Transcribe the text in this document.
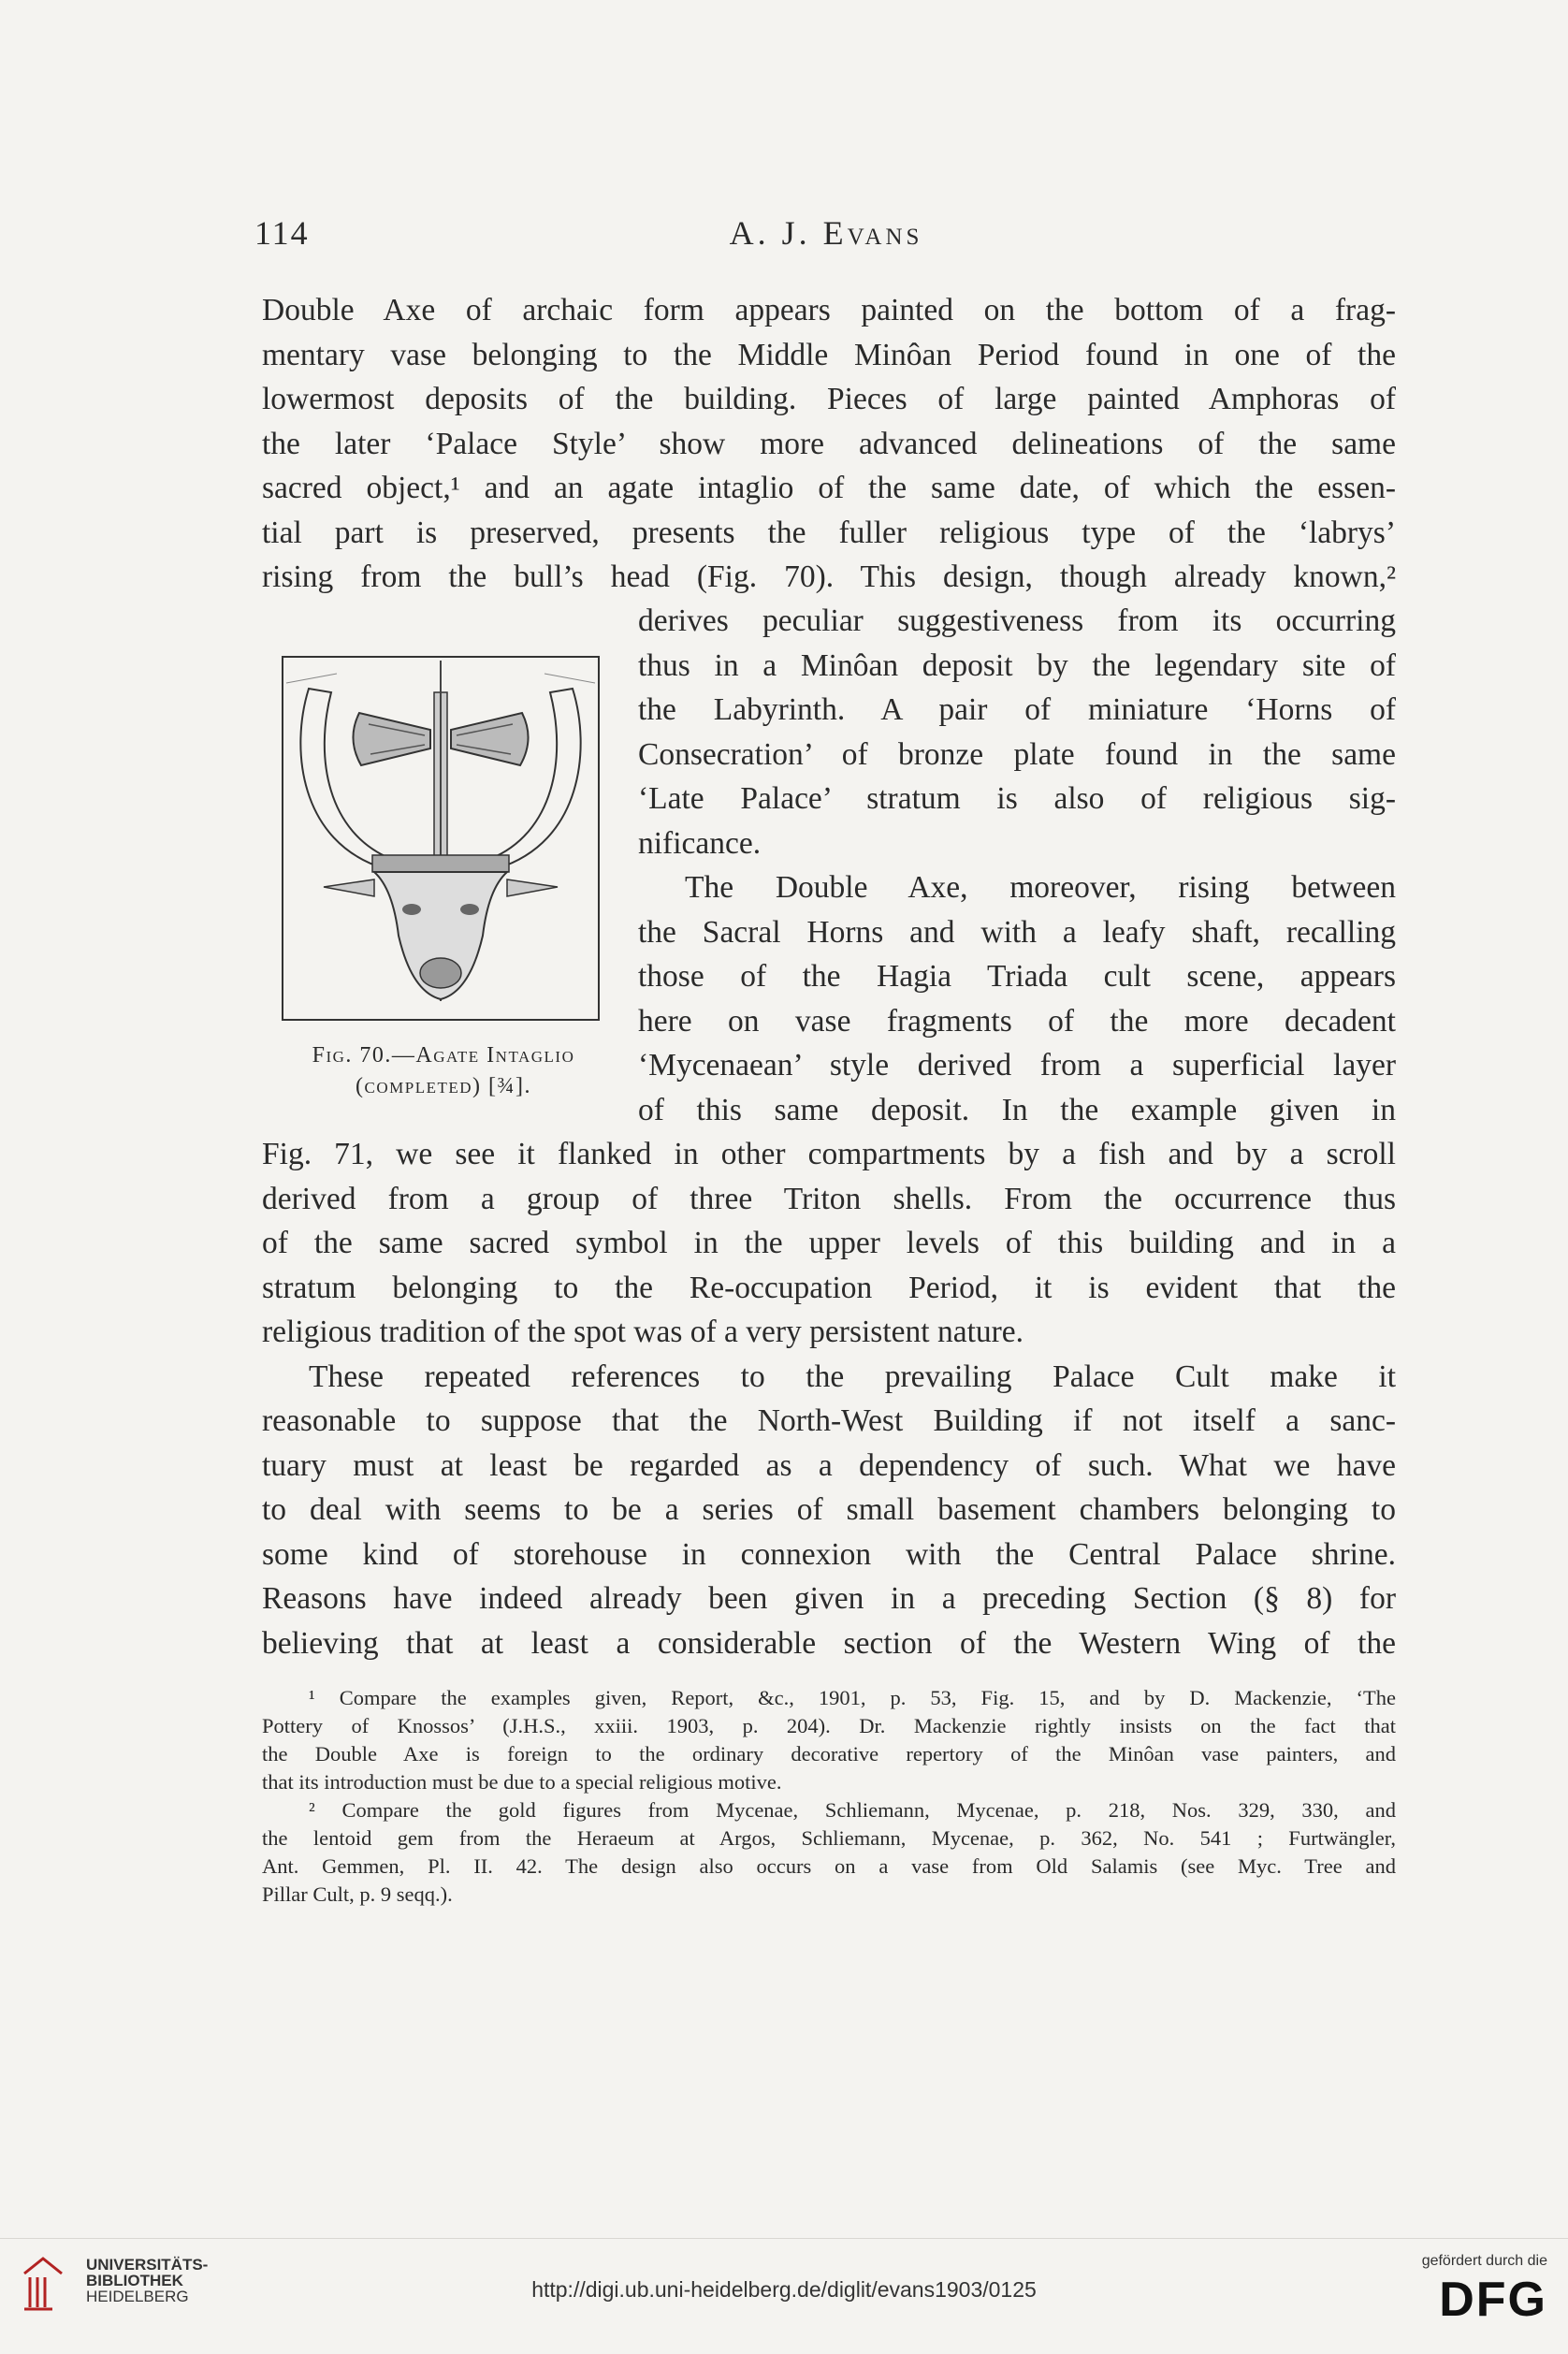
114	A. J. Evans
Double Axe of archaic form appears painted on the bottom of a frag-
mentary vase belonging to the Middle Minôan Period found in one of the
lowermost deposits of the building. Pieces of large painted Amphoras of
the later ‘Palace Style’ show more advanced delineations of the same
sacred object,¹ and an agate intaglio of the same date, of which the essen-
tial part is preserved, presents the fuller religious type of the ‘labrys’
rising from the bull’s head (Fig. 70). This design, though already known,²
Fig. 70.—Agate Intaglio
(completed) [¾].
derives peculiar suggestiveness from its occurring
thus in a Minôan deposit by the legendary site of
the Labyrinth. A pair of miniature ‘Horns of
Consecration’ of bronze plate found in the same
‘Late Palace’ stratum is also of religious sig-
nificance.
The Double Axe, moreover, rising between
the Sacral Horns and with a leafy shaft, recalling
those of the Hagia Triada cult scene, appears
here on vase fragments of the more decadent
‘Mycenaean’ style derived from a superficial layer
of this same deposit. In the example given in
Fig. 71, we see it flanked in other compartments by a fish and by a scroll
derived from a group of three Triton shells. From the occurrence thus
of the same sacred symbol in the upper levels of this building and in a
stratum belonging to the Re-occupation Period, it is evident that the
religious tradition of the spot was of a very persistent nature.
These repeated references to the prevailing Palace Cult make it
reasonable to suppose that the North-West Building if not itself a sanc-
tuary must at least be regarded as a dependency of such. What we have
to deal with seems to be a series of small basement chambers belonging to
some kind of storehouse in connexion with the Central Palace shrine.
Reasons have indeed already been given in a preceding Section (§ 8) for
believing that at least a considerable section of the Western Wing of the
¹ Compare the examples given, Report, &c., 1901, p. 53, Fig. 15, and by D. Mackenzie, ‘The
Pottery of Knossos’ (J.H.S., xxiii. 1903, p. 204). Dr. Mackenzie rightly insists on the fact that
the Double Axe is foreign to the ordinary decorative repertory of the Minôan vase painters, and
that its introduction must be due to a special religious motive.
² Compare the gold figures from Mycenae, Schliemann, Mycenae, p. 218, Nos. 329, 330, and
the lentoid gem from the Heraeum at Argos, Schliemann, Mycenae, p. 362, No. 541 ; Furtwängler,
Ant. Gemmen, Pl. II. 42. The design also occurs on a vase from Old Salamis (see Myc. Tree and
Pillar Cult, p. 9 seqq.).
UNIVERSITÄTS-
BIBLIOTHEK
HEIDELBERG	http://digi.ub.uni-heidelberg.de/diglit/evans1903/0125
gefördert durch die
DFG
